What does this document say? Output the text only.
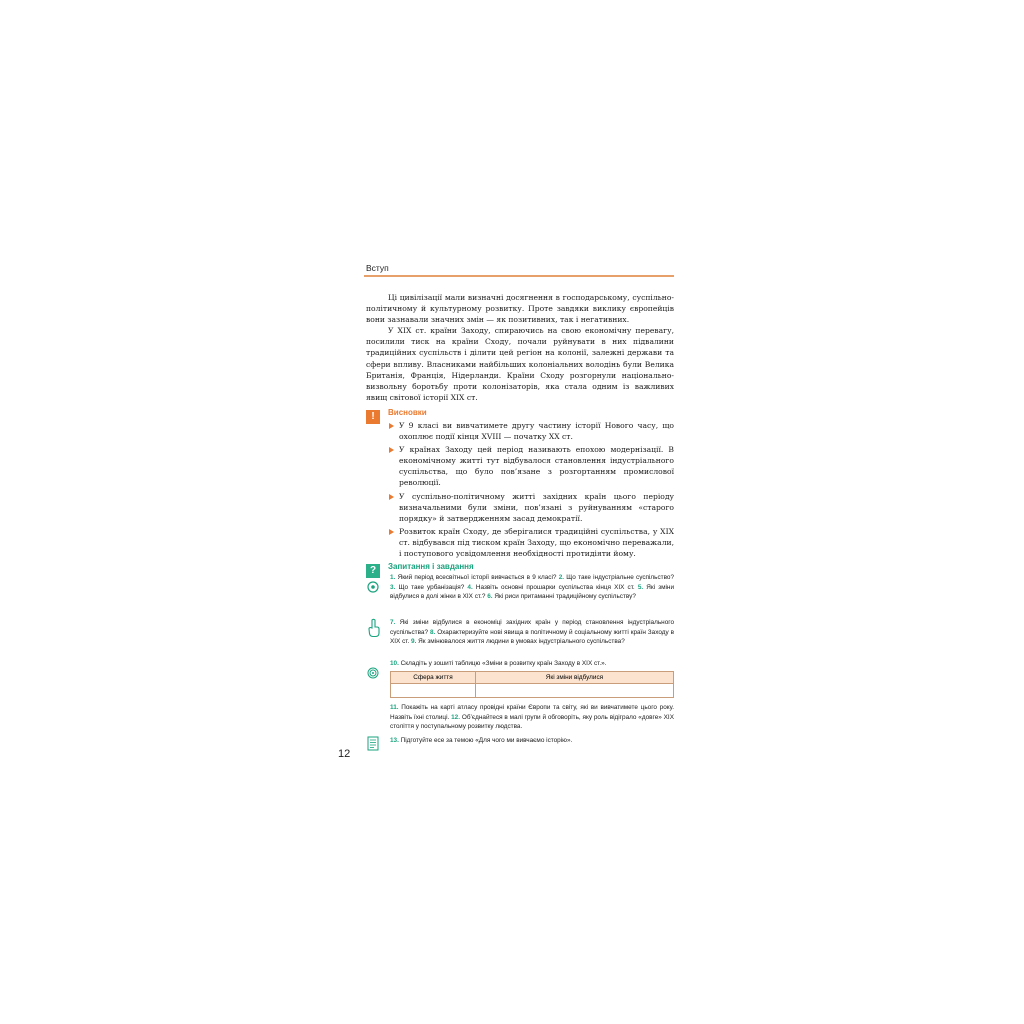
Вступ

Ці цивілізації мали визначні досягнення в господарському, суспільно-політичному й культурному розвитку. Проте завдяки виклику європейців вони зазнавали значних змін — як позитивних, так і негативних.

У XIX ст. країни Заходу, спираючись на свою економічну перевагу, посилили тиск на країни Сходу, почали руйнувати в них підвалини традиційних суспільств і ділити цей регіон на колонії, залежні держави та сфери впливу. Власниками найбільших колоніальних володінь були Велика Британія, Франція, Нідерланди. Країни Сходу розгорнули національно-визвольну боротьбу проти колонізаторів, яка стала одним із важливих явищ світової історії XIX ст.

!	Висновки
У 9 класі ви вивчатимете другу частину історії Нового часу, що охоплює події кінця XVIII — початку XX ст.
У країнах Заходу цей період називають епохою модернізації. В економічному житті тут відбувалося становлення індустріального суспільства, що було пов’язане з розгортанням промислової революції.
У суспільно-політичному житті західних країн цього періоду визначальними були зміни, пов’язані з руйнуванням «старого порядку» й затвердженням засад демократії.
Розвиток країн Сходу, де зберігалися традиційні суспільства, у XIX ст. відбувався під тиском країн Заходу, що економічно переважали, і поступового усвідомлення необхідності протидіяти йому.
?	Запитання і завдання
1. Який період всесвітньої історії вивчається в 9 класі? 2. Що таке індустріальне суспільство? 3. Що таке урбанізація? 4. Назвіть основні прошарки суспільства кінця XIX ст. 5. Які зміни відбулися в долі жінки в XIX ст.? 6. Які риси притаманні традиційному суспільству?
7. Які зміни відбулися в економіці західних країн у період становлення індустріального суспільства? 8. Охарактеризуйте нові явища в політичному й соціальному житті країн Заходу в XIX ст. 9. Як змінювалося життя людини в умовах індустріального суспільства?
10. Складіть у зошиті таблицю «Зміни в розвитку країн Заходу в XIX ст.».
Сфера життя	Які зміни відбулися

11. Покажіть на карті атласу провідні країни Європи та світу, які ви вивчатимете цього року. Назвіть їхні столиці. 12. Об’єднайтеся в малі групи й обговоріть, яку роль відіграло «довге» XIX століття у поступальному розвитку людства.
13. Підготуйте есе за темою «Для чого ми вивчаємо історію».
12
